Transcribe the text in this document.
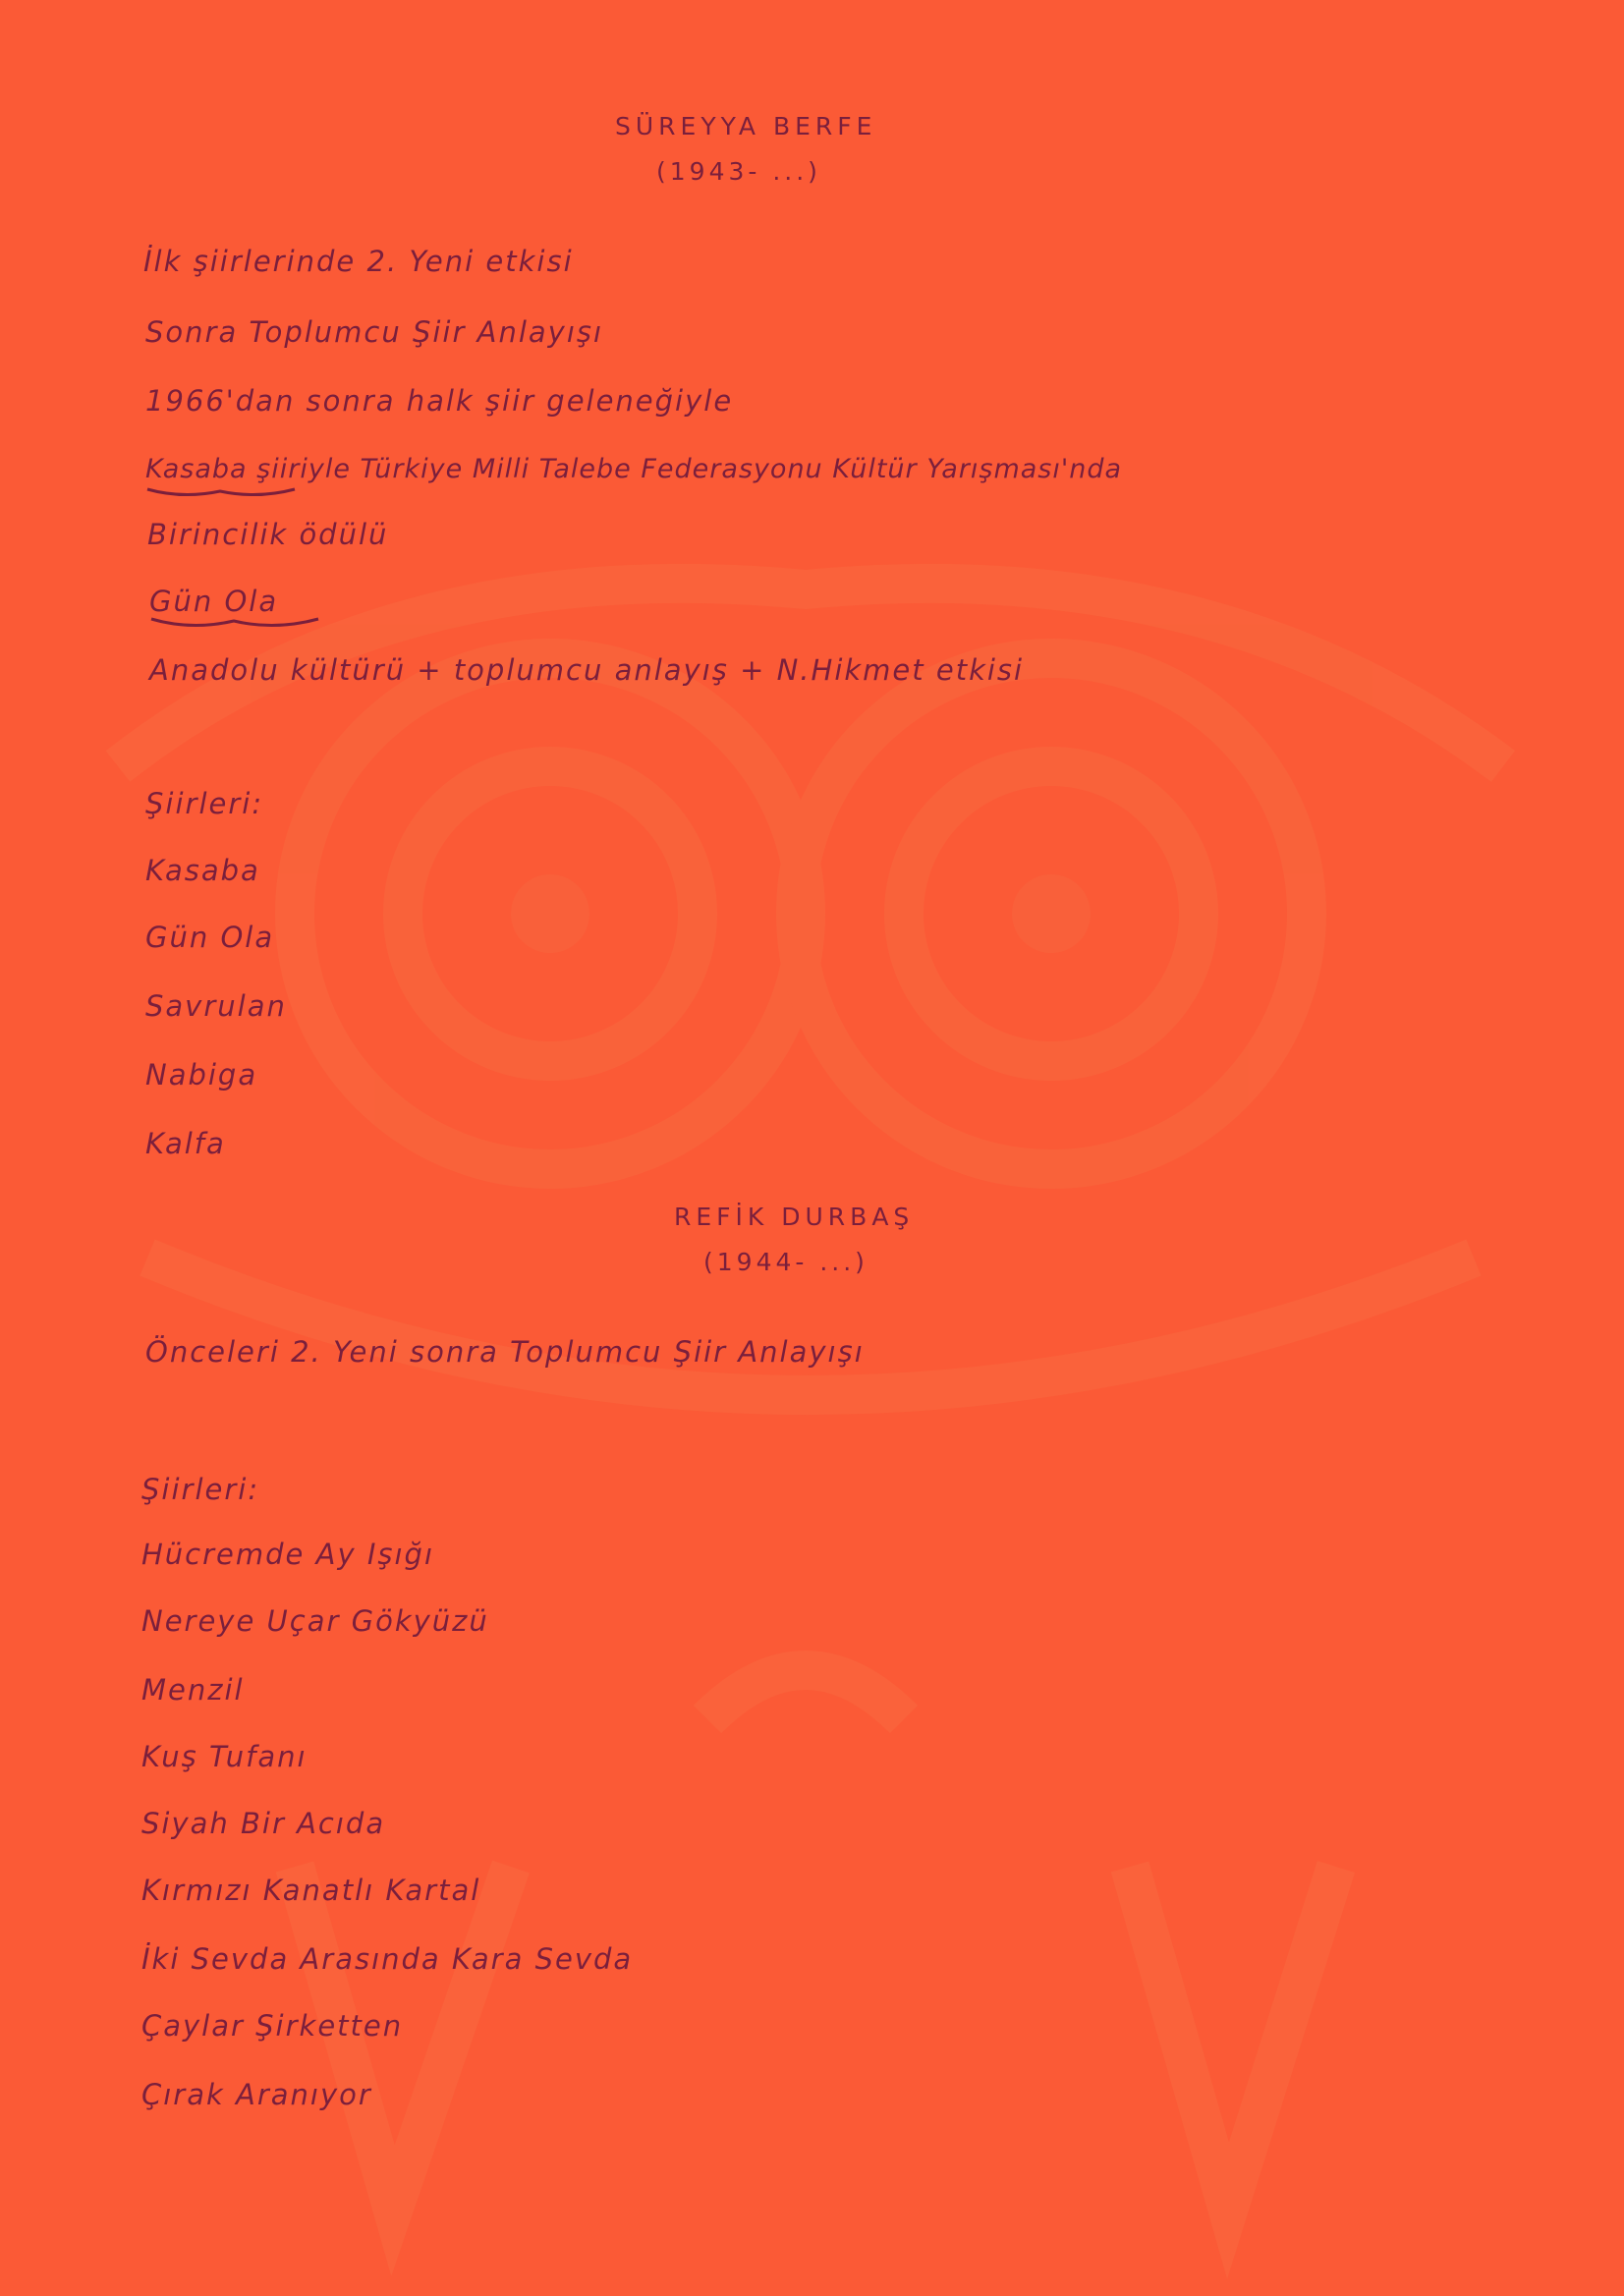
SÜREYYA BERFE
(1943- ...)
İlk şiirlerinde 2. Yeni etkisi
Sonra Toplumcu Şiir Anlayışı
1966'dan sonra halk şiir geleneğiyle
Kasaba şiiriyle Türkiye Milli Talebe Federasyonu Kültür Yarışması'nda
Birincilik ödülü
Gün Ola
Anadolu kültürü + toplumcu anlayış + N.Hikmet etkisi
Şiirleri:
Kasaba
Gün Ola
Savrulan
Nabiga
Kalfa
REFİK DURBAŞ
(1944- ...)
Önceleri 2. Yeni sonra Toplumcu Şiir Anlayışı
Şiirleri:
Hücremde Ay Işığı
Nereye Uçar Gökyüzü
Menzil
Kuş Tufanı
Siyah Bir Acıda
Kırmızı Kanatlı Kartal
İki Sevda Arasında Kara Sevda
Çaylar Şirketten
Çırak Aranıyor
